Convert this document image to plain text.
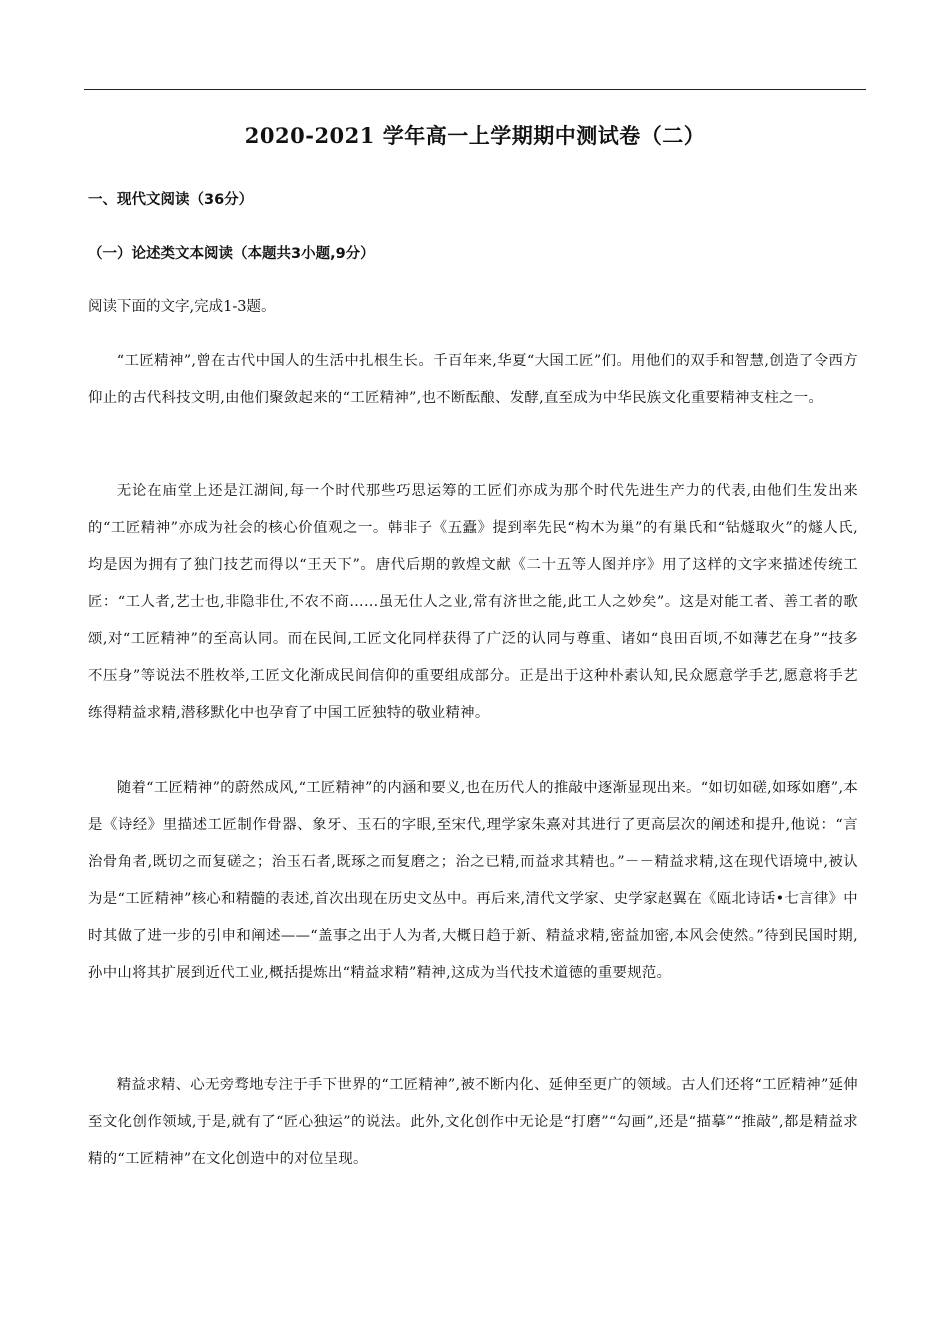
2020-2021 学年高一上学期期中测试卷（二）
一、现代文阅读（36分）
（一）论述类文本阅读（本题共3小题,9分）

阅读下面的文字,完成1-3题。

“工匠精神”,曾在古代中国人的生活中扎根生长。千百年来,华夏“大国工匠”们。用他们的双手和智慧,创造了令西方仰止的古代科技文明,由他们聚敛起来的“工匠精神”,也不断酝酿、发酵,直至成为中华民族文化重要精神支柱之一。

无论在庙堂上还是江湖间,每一个时代那些巧思运筹的工匠们亦成为那个时代先进生产力的代表,由他们生发出来的“工匠精神”亦成为社会的核心价值观之一。韩非子《五蠹》提到率先民“构木为巢”的有巢氏和“钻燧取火”的燧人氏,均是因为拥有了独门技艺而得以“王天下”。唐代后期的敦煌文献《二十五等人图并序》用了这样的文字来描述传统工匠：“工人者,艺士也,非隐非仕,不农不商……虽无仕人之业,常有济世之能,此工人之妙矣”。这是对能工者、善工者的歌颂,对“工匠精神”的至高认同。而在民间,工匠文化同样获得了广泛的认同与尊重、诸如“良田百顷,不如薄艺在身”“技多不压身”等说法不胜枚举,工匠文化渐成民间信仰的重要组成部分。正是出于这种朴素认知,民众愿意学手艺,愿意将手艺练得精益求精,潜移默化中也孕育了中国工匠独特的敬业精神。

随着“工匠精神”的蔚然成风,“工匠精神”的内涵和要义,也在历代人的推敲中逐渐显现出来。“如切如磋,如琢如磨”,本是《诗经》里描述工匠制作骨器、象牙、玉石的字眼,至宋代,理学家朱熹对其进行了更高层次的阐述和提升,他说：“言治骨角者,既切之而复磋之；治玉石者,既琢之而复磨之；治之已精,而益求其精也。”－－精益求精,这在现代语境中,被认为是“工匠精神”核心和精髓的表述,首次出现在历史文丛中。再后来,清代文学家、史学家赵翼在《瓯北诗话•七言律》中时其做了进一步的引申和阐述——“盖事之出于人为者,大概日趋于新、精益求精,密益加密,本风会使然。”待到民国时期,孙中山将其扩展到近代工业,概括提炼出“精益求精”精神,这成为当代技术道德的重要规范。

精益求精、心无旁骛地专注于手下世界的“工匠精神”,被不断内化、延伸至更广的领域。古人们还将“工匠精神”延伸至文化创作领域,于是,就有了“匠心独运”的说法。此外,文化创作中无论是“打磨”“勾画”,还是“描摹”“推敲”,都是精益求精的“工匠精神”在文化创造中的对位呈现。
